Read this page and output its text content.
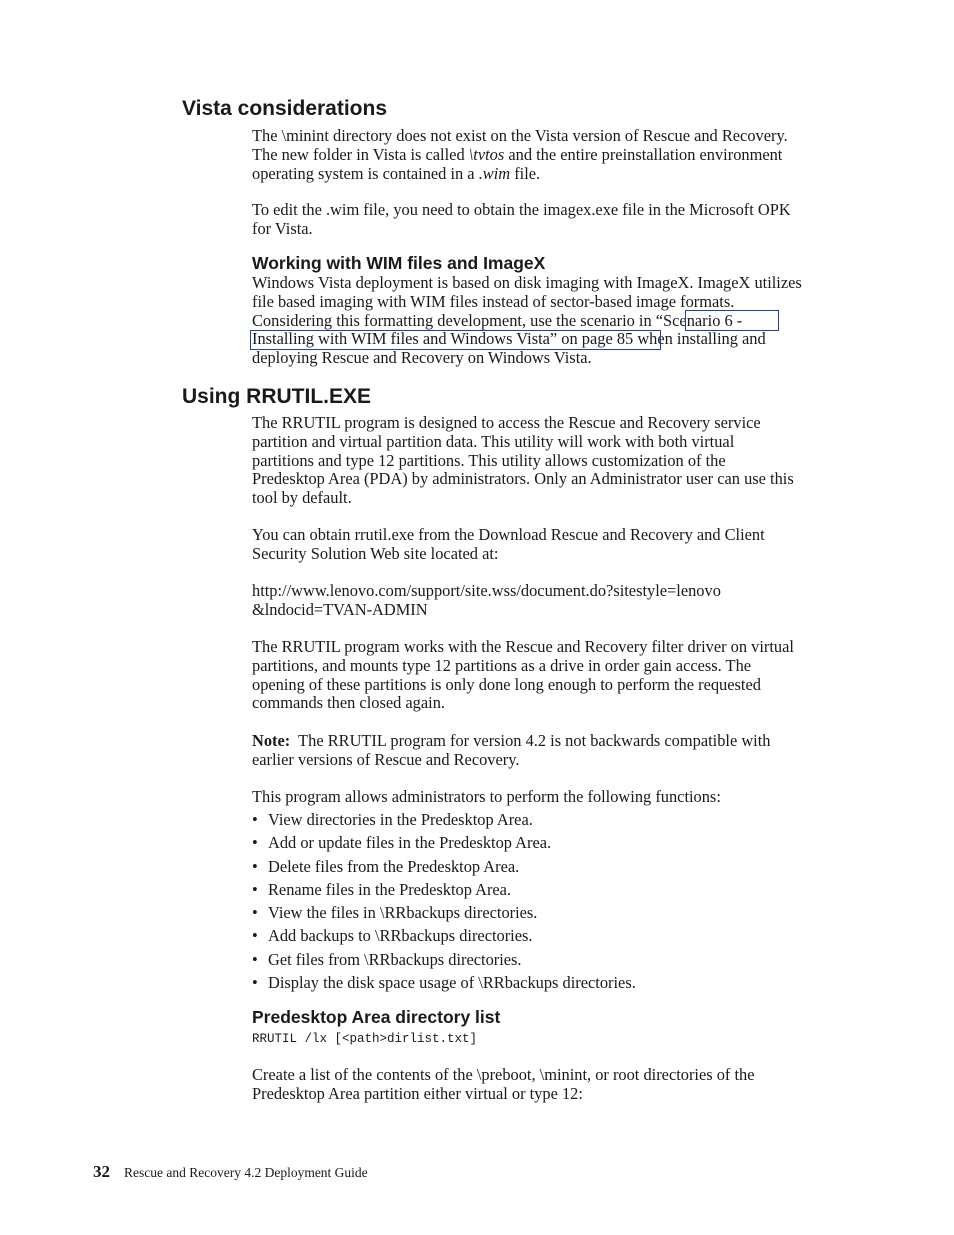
Vista considerations
The \minint directory does not exist on the Vista version of Rescue and Recovery.
The new folder in Vista is called \tvtos and the entire preinstallation environment
operating system is contained in a .wim file.
To edit the .wim file, you need to obtain the imagex.exe file in the Microsoft OPK
for Vista.
Working with WIM files and ImageX
Windows Vista deployment is based on disk imaging with ImageX. ImageX utilizes
file based imaging with WIM files instead of sector-based image formats.
Considering this formatting development, use the scenario in “Scenario 6 -
Installing with WIM files and Windows Vista” on page 85 when installing and
deploying Rescue and Recovery on Windows Vista.
Using RRUTIL.EXE
The RRUTIL program is designed to access the Rescue and Recovery service
partition and virtual partition data. This utility will work with both virtual
partitions and type 12 partitions. This utility allows customization of the
Predesktop Area (PDA) by administrators. Only an Administrator user can use this
tool by default.
You can obtain rrutil.exe from the Download Rescue and Recovery and Client
Security Solution Web site located at:
http://www.lenovo.com/support/site.wss/document.do?sitestyle=lenovo
&lndocid=TVAN-ADMIN
The RRUTIL program works with the Rescue and Recovery filter driver on virtual
partitions, and mounts type 12 partitions as a drive in order gain access. The
opening of these partitions is only done long enough to perform the requested
commands then closed again.
Note:  The RRUTIL program for version 4.2 is not backwards compatible with
earlier versions of Rescue and Recovery.
This program allows administrators to perform the following functions:
• View directories in the Predesktop Area.
• Add or update files in the Predesktop Area.
• Delete files from the Predesktop Area.
• Rename files in the Predesktop Area.
• View the files in \RRbackups directories.
• Add backups to \RRbackups directories.
• Get files from \RRbackups directories.
• Display the disk space usage of \RRbackups directories.
Predesktop Area directory list
RRUTIL /lx [<path>dirlist.txt]
Create a list of the contents of the \preboot, \minint, or root directories of the
Predesktop Area partition either virtual or type 12:
32 Rescue and Recovery 4.2 Deployment Guide
